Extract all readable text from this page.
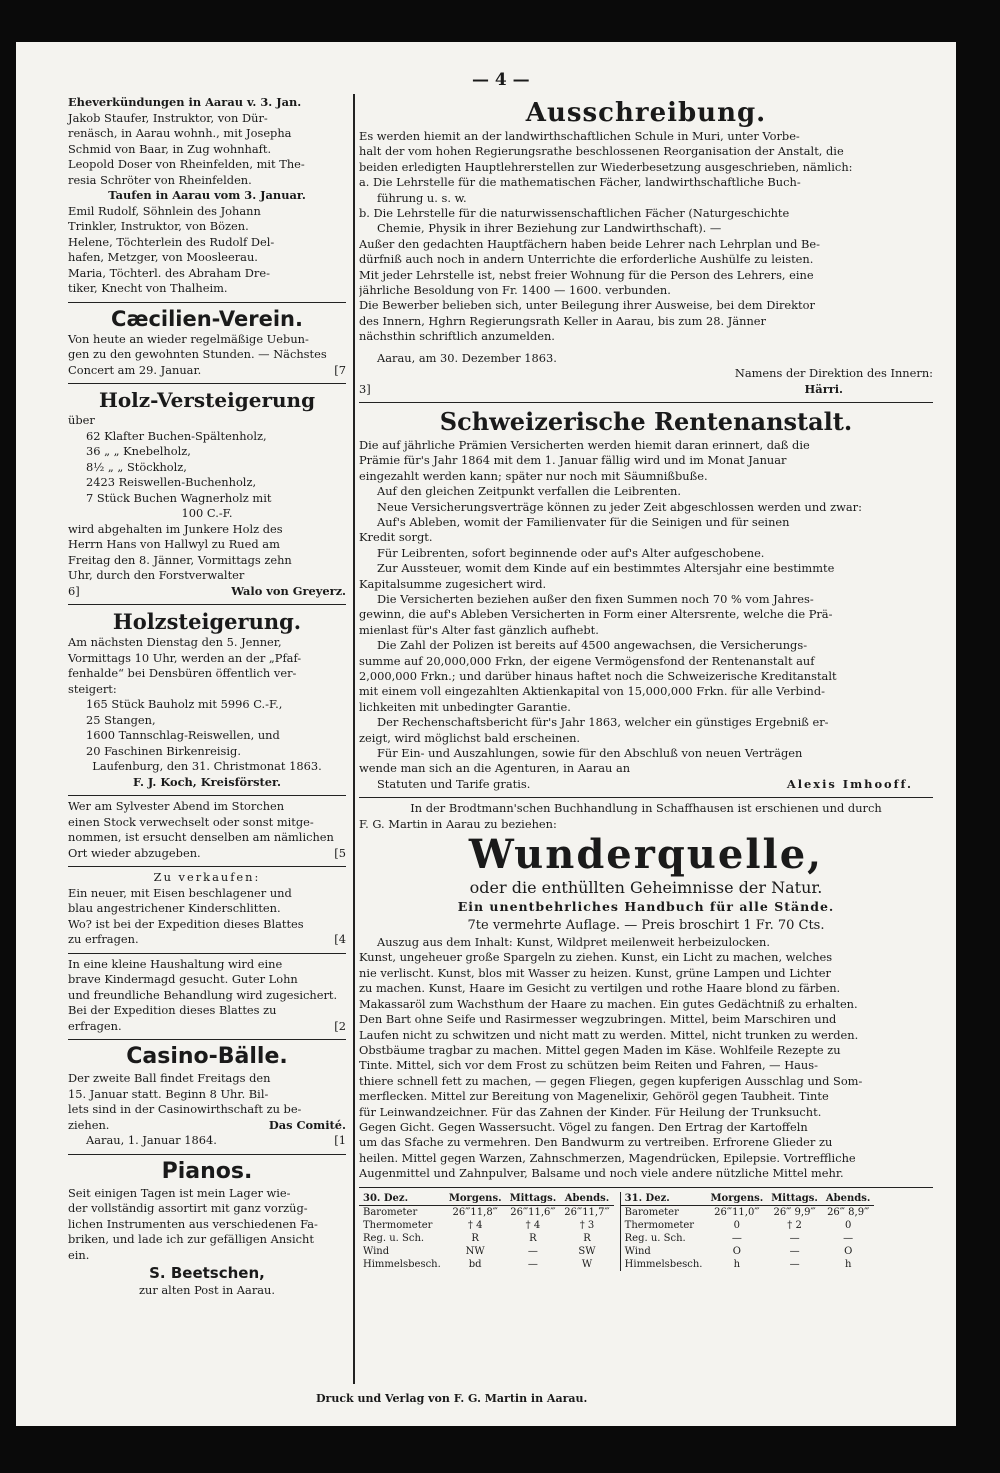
— 4 —

Eheverkündungen in Aarau v. 3. Jan.

Jakob Staufer, Instruktor, von Dür-

renäsch, in Aarau wohnh., mit Josepha

Schmid von Baar, in Zug wohnhaft.

Leopold Doser von Rheinfelden, mit The-

resia Schröter von Rheinfelden.

Taufen in Aarau vom 3. Januar.

Emil Rudolf, Söhnlein des Johann

Trinkler, Instruktor, von Bözen.

Helene, Töchterlein des Rudolf Del-

hafen, Metzger, von Moosleerau.

Maria, Töchterl. des Abraham Dre-

tiker, Knecht von Thalheim.

Cæcilien-Verein.

Von heute an wieder regelmäßige Uebun-

gen zu den gewohnten Stunden. — Nächstes

Concert am 29. Januar.	[7

Holz-Versteigerung

über

62 Klafter Buchen-Spältenholz,

36 „ „ Knebelholz,

8½ „ „ Stöckholz,

2423 Reiswellen-Buchenholz,

7 Stück Buchen Wagnerholz mit

100 C.-F.

wird abgehalten im Junkere Holz des

Herrn Hans von Hallwyl zu Rued am

Freitag den 8. Jänner, Vormittags zehn

Uhr, durch den Forstverwalter

6]	Walo von Greyerz.

Holzsteigerung.

Am nächsten Dienstag den 5. Jenner,

Vormittags 10 Uhr, werden an der „Pfaf-

fenhalde“ bei Densbüren öffentlich ver-

steigert:

165 Stück Bauholz mit 5996 C.-F.,

25 Stangen,

1600 Tannschlag-Reiswellen, und

20 Faschinen Birkenreisig.

Laufenburg, den 31. Christmonat 1863.

F. J. Koch, Kreisförster.

Wer am Sylvester Abend im Storchen

einen Stock verwechselt oder sonst mitge-

nommen, ist ersucht denselben am nämlichen

Ort wieder abzugeben.	[5

Zu verkaufen:

Ein neuer, mit Eisen beschlagener und

blau angestrichener Kinderschlitten.

Wo? ist bei der Expedition dieses Blattes

zu erfragen.	[4

In eine kleine Haushaltung wird eine

brave Kindermagd gesucht. Guter Lohn

und freundliche Behandlung wird zugesichert.

Bei der Expedition dieses Blattes zu

erfragen.	[2

Casino-Bälle.

Der zweite Ball findet Freitags den

15. Januar statt. Beginn 8 Uhr. Bil-

lets sind in der Casinowirthschaft zu be-

ziehen.	Das Comité.
Aarau, 1. Januar 1864.	[1

Pianos.

Seit einigen Tagen ist mein Lager wie-

der vollständig assortirt mit ganz vorzüg-

lichen Instrumenten aus verschiedenen Fa-

briken, und lade ich zur gefälligen Ansicht

ein.

S. Beetschen,

zur alten Post in Aarau.

Ausschreibung.

Es werden hiemit an der landwirthschaftlichen Schule in Muri, unter Vorbe-

halt der vom hohen Regierungsrathe beschlossenen Reorganisation der Anstalt, die

beiden erledigten Hauptlehrerstellen zur Wiederbesetzung ausgeschrieben, nämlich:

a. Die Lehrstelle für die mathematischen Fächer, landwirthschaftliche Buch-

führung u. s. w.

b. Die Lehrstelle für die naturwissenschaftlichen Fächer (Naturgeschichte

Chemie, Physik in ihrer Beziehung zur Landwirthschaft). —

Außer den gedachten Hauptfächern haben beide Lehrer nach Lehrplan und Be-

dürfniß auch noch in andern Unterrichte die erforderliche Aushülfe zu leisten.

Mit jeder Lehrstelle ist, nebst freier Wohnung für die Person des Lehrers, eine

jährliche Besoldung von Fr. 1400 — 1600. verbunden.

Die Bewerber belieben sich, unter Beilegung ihrer Ausweise, bei dem Direktor

des Innern, Hghrn Regierungsrath Keller in Aarau, bis zum 28. Jänner

nächsthin schriftlich anzumelden.

Aarau, am 30. Dezember 1863.

Namens der Direktion des Innern:

3]	Härri.

Schweizerische Rentenanstalt.

Die auf jährliche Prämien Versicherten werden hiemit daran erinnert, daß die

Prämie für's Jahr 1864 mit dem 1. Januar fällig wird und im Monat Januar

eingezahlt werden kann; später nur noch mit Säumnißbuße.

Auf den gleichen Zeitpunkt verfallen die Leibrenten.

Neue Versicherungsverträge können zu jeder Zeit abgeschlossen werden und zwar:

Auf's Ableben, womit der Familienvater für die Seinigen und für seinen

Kredit sorgt.

Für Leibrenten, sofort beginnende oder auf's Alter aufgeschobene.

Zur Aussteuer, womit dem Kinde auf ein bestimmtes Altersjahr eine bestimmte

Kapitalsumme zugesichert wird.

Die Versicherten beziehen außer den fixen Summen noch 70 % vom Jahres-

gewinn, die auf's Ableben Versicherten in Form einer Altersrente, welche die Prä-

mienlast für's Alter fast gänzlich aufhebt.

Die Zahl der Polizen ist bereits auf 4500 angewachsen, die Versicherungs-

summe auf 20,000,000 Frkn, der eigene Vermögensfond der Rentenanstalt auf

2,000,000 Frkn.; und darüber hinaus haftet noch die Schweizerische Kreditanstalt

mit einem voll eingezahlten Aktienkapital von 15,000,000 Frkn. für alle Verbind-

lichkeiten mit unbedingter Garantie.

Der Rechenschaftsbericht für's Jahr 1863, welcher ein günstiges Ergebniß er-

zeigt, wird möglichst bald erscheinen.

Für Ein- und Auszahlungen, sowie für den Abschluß von neuen Verträgen

wende man sich an die Agenturen, in Aarau an

Statuten und Tarife gratis.	Alexis Imhooff.

In der Brodtmann'schen Buchhandlung in Schaffhausen ist erschienen und durch

F. G. Martin in Aarau zu beziehen:

Wunderquelle,

oder die enthüllten Geheimnisse der Natur.

Ein unentbehrliches Handbuch für alle Stände.

7te vermehrte Auflage. — Preis broschirt 1 Fr. 70 Cts.

Auszug aus dem Inhalt: Kunst, Wildpret meilenweit herbeizulocken.

Kunst, ungeheuer große Spargeln zu ziehen. Kunst, ein Licht zu machen, welches

nie verlischt. Kunst, blos mit Wasser zu heizen. Kunst, grüne Lampen und Lichter

zu machen. Kunst, Haare im Gesicht zu vertilgen und rothe Haare blond zu färben.

Makassaröl zum Wachsthum der Haare zu machen. Ein gutes Gedächtniß zu erhalten.

Den Bart ohne Seife und Rasirmesser wegzubringen. Mittel, beim Marschiren und

Laufen nicht zu schwitzen und nicht matt zu werden. Mittel, nicht trunken zu werden.

Obstbäume tragbar zu machen. Mittel gegen Maden im Käse. Wohlfeile Rezepte zu

Tinte. Mittel, sich vor dem Frost zu schützen beim Reiten und Fahren, — Haus-

thiere schnell fett zu machen, — gegen Fliegen, gegen kupferigen Ausschlag und Som-

merflecken. Mittel zur Bereitung von Magenelixir, Gehöröl gegen Taubheit. Tinte

für Leinwandzeichner. Für das Zahnen der Kinder. Für Heilung der Trunksucht.

Gegen Gicht. Gegen Wassersucht. Vögel zu fangen. Den Ertrag der Kartoffeln

um das Sfache zu vermehren. Den Bandwurm zu vertreiben. Erfrorene Glieder zu

heilen. Mittel gegen Warzen, Zahnschmerzen, Magendrücken, Epilepsie. Vortreffliche

Augenmittel und Zahnpulver, Balsame und noch viele andere nützliche Mittel mehr.

30. Dez.	Morgens.	Mittags.	Abends.
Barometer	26‴11,8‴	26‴11,6‴	26‴11,7‴
Thermometer	† 4	† 4	† 3
Reg. u. Sch.	R	R	R
Wind	NW	—	SW
Himmelsbesch.	bd	—	W
31. Dez.	Morgens.	Mittags.	Abends.
Barometer	26‴11,0‴	26‴ 9,9‴	26‴ 8,9‴
Thermometer	0	† 2	0
Reg. u. Sch.	—	—	—
Wind	O	—	O
Himmelsbesch.	h	—	h
Druck und Verlag von F. G. Martin in Aarau.
